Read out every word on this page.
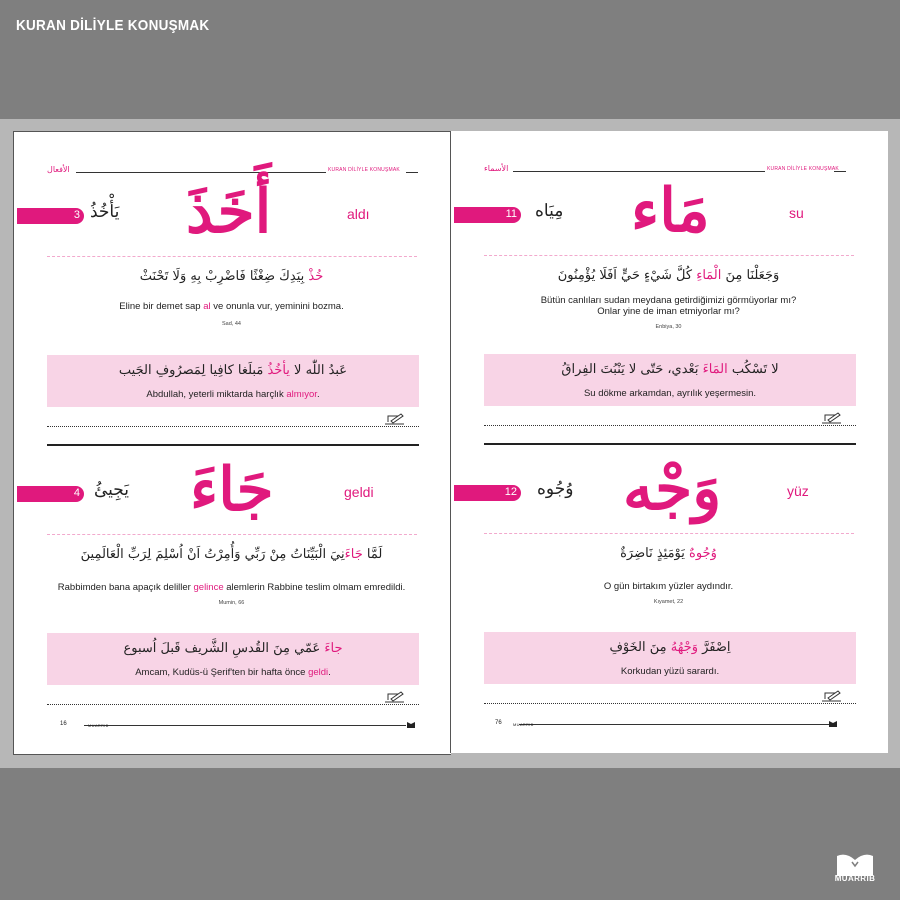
KURAN DİLİYLE KONUŞMAK
الأفعال	KURAN DİLİYLE KONUŞMAK
3 يَأْخُذُ أَخَذَ	aldı
خُذْ بِيَدِكَ ضِغْثًا فَاضْرِبْ بِهِ وَلَا تَحْنَثْ
Eline bir demet sap al ve onunla vur, yeminini bozma.
Sad, 44
عَبدُ اللّٰه لا يأخُذُ مَبلَغا كافِيا لِمَصرُوفِ الجَيب
Abdullah, yeterli miktarda harçlık almıyor.
4 يَجِيئُ جَاءَ	geldi
لَمَّا جَاءَنِيَ الْبَيِّنَاتُ مِنْ رَبِّي وَأُمِرْتُ اَنْ اُسْلِمَ لِرَبِّ الْعَالَمِينَ
Rabbimden bana apaçık deliller gelince alemlerin Rabbine teslim olmam emredildi.
Mumin, 66
جاءَ عَمّي مِنَ القُدسِ الشَّريف قَبلَ اُسبوع
Amcam, Kudüs-ü Şerif'ten bir hafta önce geldi.
16	MUARRIB
الأسماء	KURAN DİLİYLE KONUŞMAK
11 مِيَاه مَاء	su
وَجَعَلْنَا مِنَ الْمَاءِ كُلَّ شَيْءٍ حَيٍّ اَفَلَا يُؤْمِنُونَ
Bütün canlıları sudan meydana getirdiğimizi görmüyorlar mı?
Onlar yine de iman etmiyorlar mı?
Enbiya, 30
لا تَسْكُب المَاءَ بَعْدي، حَتّى لا يَنْبُتَ الفِراقُ
Su dökme arkamdan, ayrılık yeşermesin.
12 وُجُوه وَجْه	yüz
وُجُوهٌ يَوْمَئِذٍ نَاضِرَةٌ
O gün birtakım yüzler aydındır.
Kıyamet, 22
اِصْفَرَّ وَجْهُهُ مِنَ الخَوْفِ
Korkudan yüzü sarardı.
76	MUARRIB
MUARRIB
